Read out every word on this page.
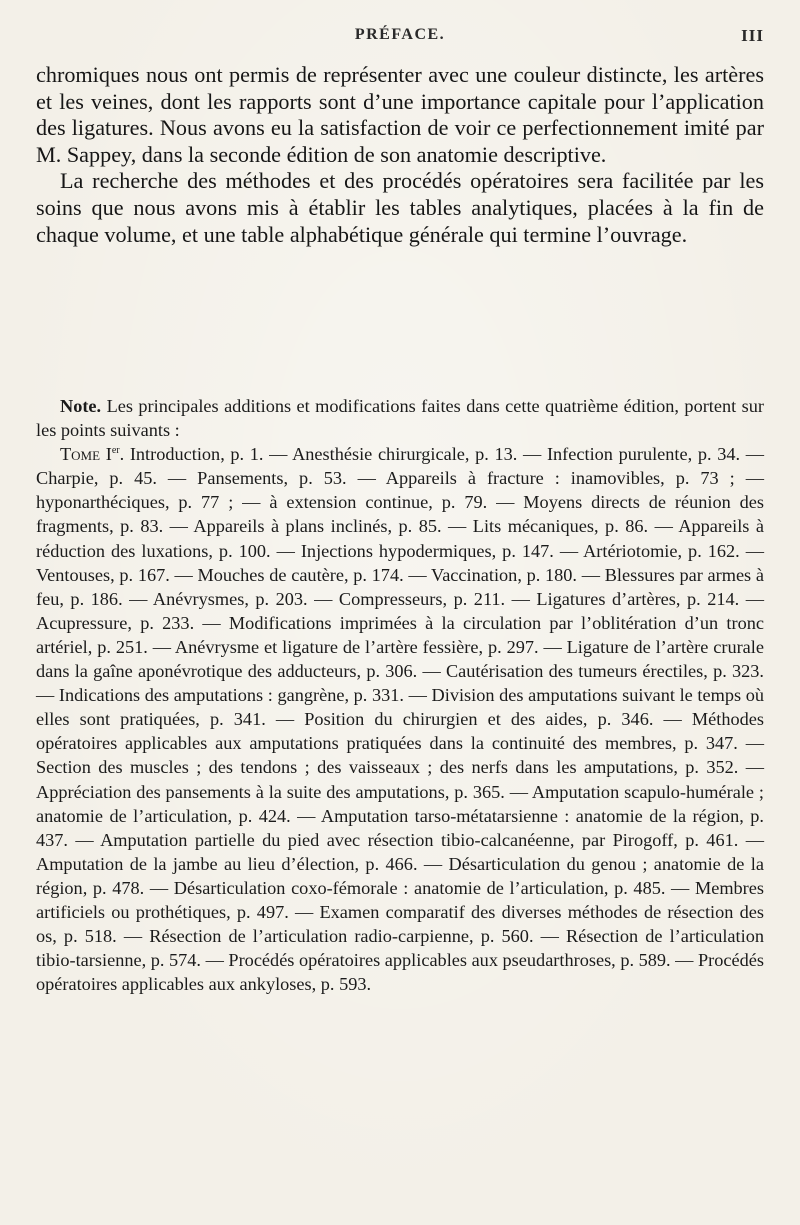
PRÉFACE.	III

chromiques nous ont permis de représenter avec une couleur distincte, les artères et les veines, dont les rapports sont d’une importance capitale pour l’application des ligatures. Nous avons eu la satisfaction de voir ce perfectionnement imité par M. Sappey, dans la seconde édition de son anatomie descriptive.

La recherche des méthodes et des procédés opératoires sera facilitée par les soins que nous avons mis à établir les tables analytiques, placées à la fin de chaque volume, et une table alphabétique générale qui termine l’ouvrage.

Note. Les principales additions et modifications faites dans cette quatrième édition, portent sur les points suivants :

Tome Ier. Introduction, p. 1. — Anesthésie chirurgicale, p. 13. — Infection purulente, p. 34. — Charpie, p. 45. — Pansements, p. 53. — Appareils à fracture : inamovibles, p. 73 ; — hyponarthéciques, p. 77 ; — à extension continue, p. 79. — Moyens directs de réunion des fragments, p. 83. — Appareils à plans inclinés, p. 85. — Lits mécaniques, p. 86. — Appareils à réduction des luxations, p. 100. — Injections hypodermiques, p. 147. — Artériotomie, p. 162. — Ventouses, p. 167. — Mouches de cautère, p. 174. — Vaccination, p. 180. — Blessures par armes à feu, p. 186. — Anévrysmes, p. 203. — Compresseurs, p. 211. — Ligatures d’artères, p. 214. — Acupressure, p. 233. — Modifications imprimées à la circulation par l’oblitération d’un tronc artériel, p. 251. — Anévrysme et ligature de l’artère fessière, p. 297. — Ligature de l’artère crurale dans la gaîne aponévrotique des adducteurs, p. 306. — Cautérisation des tumeurs érectiles, p. 323. — Indications des amputations : gangrène, p. 331. — Division des amputations suivant le temps où elles sont pratiquées, p. 341. — Position du chirurgien et des aides, p. 346. — Méthodes opératoires applicables aux amputations pratiquées dans la continuité des membres, p. 347. — Section des muscles ; des tendons ; des vaisseaux ; des nerfs dans les amputations, p. 352. — Appréciation des pansements à la suite des amputations, p. 365. — Amputation scapulo-humérale ; anatomie de l’articulation, p. 424. — Amputation tarso-métatarsienne : anatomie de la région, p. 437. — Amputation partielle du pied avec résection tibio-calcanéenne, par Pirogoff, p. 461. — Amputation de la jambe au lieu d’élection, p. 466. — Désarticulation du genou ; anatomie de la région, p. 478. — Désarticulation coxo-fémorale : anatomie de l’articulation, p. 485. — Membres artificiels ou prothétiques, p. 497. — Examen comparatif des diverses méthodes de résection des os, p. 518. — Résection de l’articulation radio-carpienne, p. 560. — Résection de l’articulation tibio-tarsienne, p. 574. — Procédés opératoires applicables aux pseudarthroses, p. 589. — Procédés opératoires applicables aux ankyloses, p. 593.
